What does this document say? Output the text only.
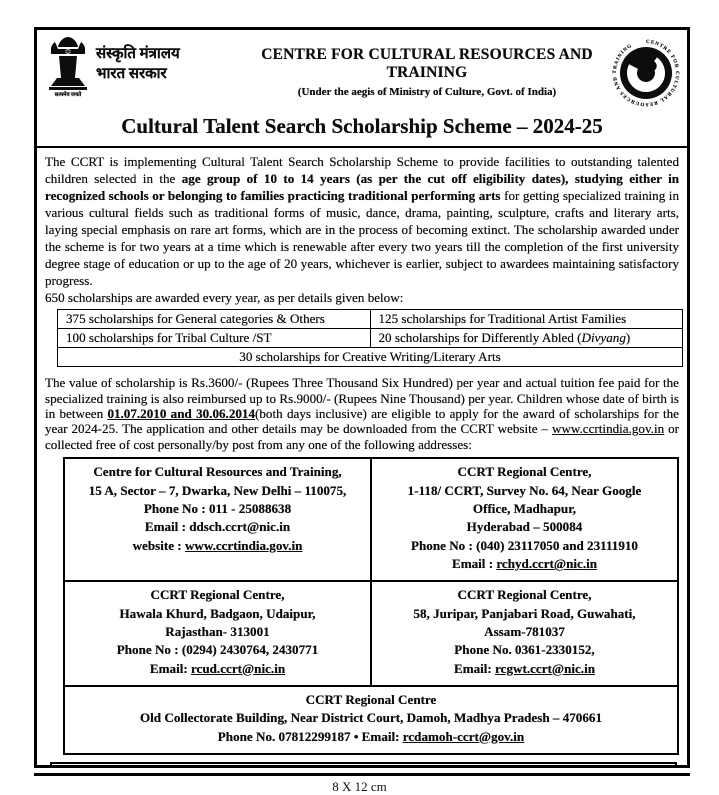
सत्यमेव जयते
संस्कृति मंत्रालय
भारत सरकार
CENTRE FOR CULTURAL RESOURCES AND TRAINING
(Under the aegis of Ministry of Culture, Govt. of India)
CENTRE FOR CULTURAL RESOURCES AND TRAINING
Cultural Talent Search Scholarship Scheme – 2024-25

The CCRT is implementing Cultural Talent Search Scholarship Scheme to provide facilities to outstanding talented children selected in the age group of 10 to 14 years (as per the cut off eligibility dates), studying either in recognized schools or belonging to families practicing traditional performing arts for getting specialized training in various cultural fields such as traditional forms of music, dance, drama, painting, sculpture, crafts and literary arts, laying special emphasis on rare art forms, which are in the process of becoming extinct. The scholarship awarded under the scheme is for two years at a time which is renewable after every two years till the completion of the first university degree stage of education or up to the age of 20 years, whichever is earlier, subject to awardees maintaining satisfactory progress.

650 scholarships are awarded every year, as per details given below:

375 scholarships for General categories & Others	125 scholarships for Traditional Artist Families
100 scholarships for Tribal Culture /ST	20 scholarships for Differently Abled (Divyang)
30 scholarships for Creative Writing/Literary Arts	

The value of scholarship is Rs.3600/- (Rupees Three Thousand Six Hundred) per year and actual tuition fee paid for the specialized training is also reimbursed up to Rs.9000/- (Rupees Nine Thousand) per year. Children whose date of birth is in between 01.07.2010 and 30.06.2014(both days inclusive) are eligible to apply for the award of scholarships for the year 2024-25. The application and other details may be downloaded from the CCRT website – www.ccrtindia.gov.in or collected free of cost personally/by post from any one of the following addresses:

Centre for Cultural Resources and Training,
15 A, Sector – 7, Dwarka, New Delhi – 110075,
Phone No : 011 - 25088638
Email : ddsch.ccrt@nic.in
website : www.ccrtindia.gov.in

CCRT Regional Centre,
1-118/ CCRT, Survey No. 64, Near Google
Office, Madhapur,
Hyderabad – 500084
Phone No : (040) 23117050 and 23111910
Email : rchyd.ccrt@nic.in

CCRT Regional Centre,
Hawala Khurd, Badgaon, Udaipur,
Rajasthan- 313001
Phone No : (0294) 2430764, 2430771
Email: rcud.ccrt@nic.in

CCRT Regional Centre,
58, Juripar, Panjabari Road, Guwahati,
Assam-781037
Phone No. 0361-2330152,
Email: rcgwt.ccrt@nic.in

CCRT Regional Centre
Old Collectorate Building, Near District Court, Damoh, Madhya Pradesh – 470661
Phone No. 07812299187 • Email: rcdamoh-ccrt@gov.in	
8 X 12 cm
